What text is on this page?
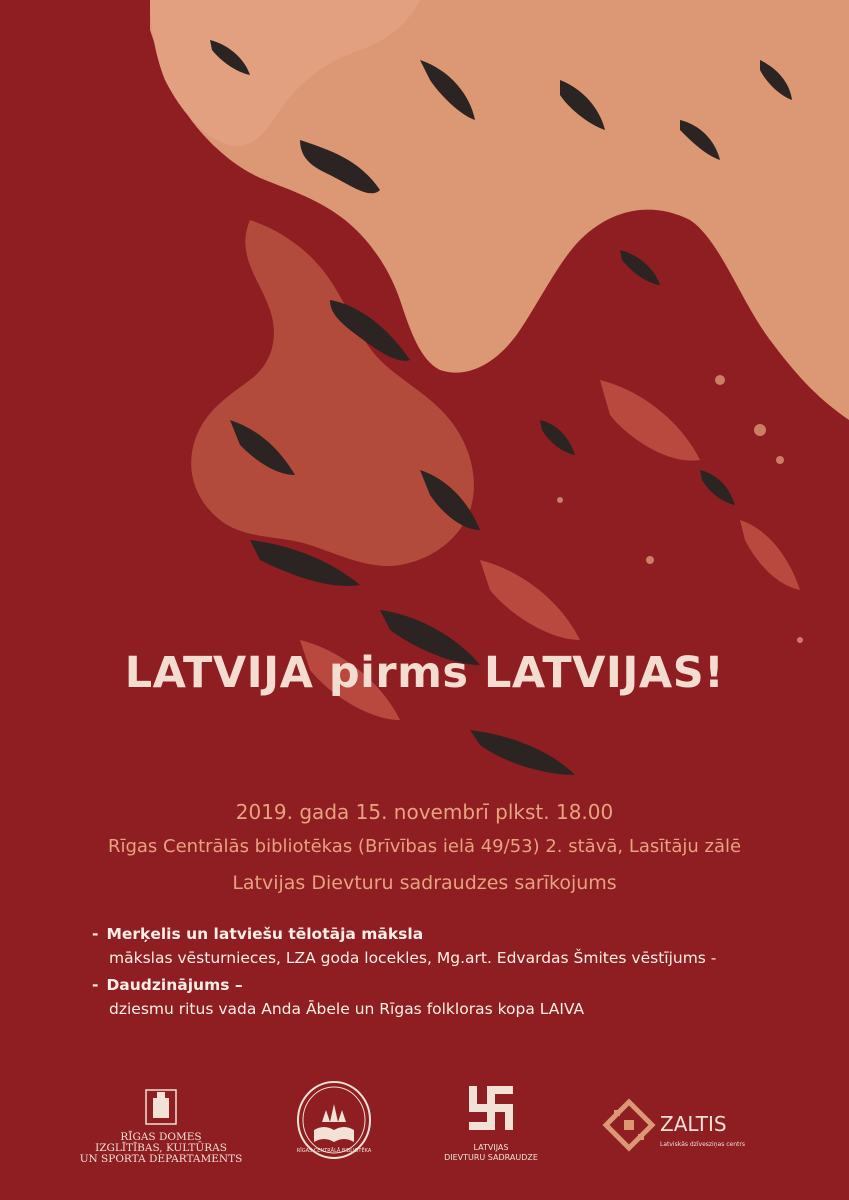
LATVIJA pirms LATVIJAS!
2019. gada 15. novembrī plkst. 18.00
Rīgas Centrālās bibliotēkas (Brīvības ielā 49/53) 2. stāvā, Lasītāju zālē
Latvijas Dievturu sadraudzes sarīkojums
- Merķelis un latviešu tēlotāja māksla
mākslas vēsturnieces, LZA goda locekles, Mg.art. Edvardas Šmites vēstījums -
- Daudzinājums –
dziesmu ritus vada Anda Ābele un Rīgas folkloras kopa LAIVA
RĪGAS DOMES
IZGLĪTĪBAS, KULTŪRAS
UN SPORTA DEPARTAMENTS
RĪGAS CENTRĀLĀ BIBLIOTĒKA	LATVIJAS
DIEVTURU SADRAUDZE
ZALTIS
Latviskās dzīvesziņas centrs
